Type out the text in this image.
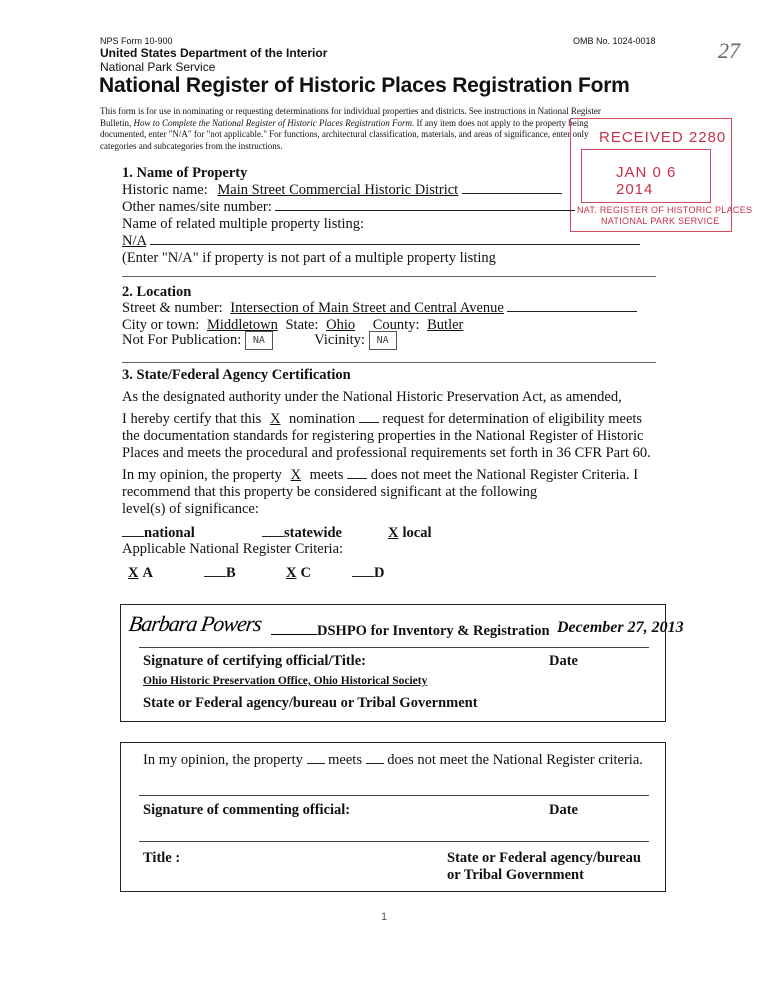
NPS Form 10-900	OMB No. 1024-0018	27
United States Department of the Interior
National Park Service
National Register of Historic Places Registration Form
This form is for use in nominating or requesting determinations for individual properties and districts. See instructions in National Register
Bulletin, How to Complete the National Register of Historic Places Registration Form. If any item does not apply to the property being
documented, enter "N/A" for "not applicable." For functions, architectural classification, materials, and areas of significance, enter only
categories and subcategories from the instructions.	RECEIVED 2280
JAN 0 6 2014
NAT. REGISTER OF HISTORIC PLACES
NATIONAL PARK SERVICE
1. Name of Property
Historic name: Main Street Commercial Historic District
Other names/site number:
Name of related multiple property listing:
N/A
(Enter "N/A" if property is not part of a multiple property listing
2. Location
Street & number: Intersection of Main Street and Central Avenue
City or town: Middletown State: Ohio County: Butler
Not For Publication: NA	Vicinity: NA
3. State/Federal Agency Certification
As the designated authority under the National Historic Preservation Act, as amended,
I hereby certify that this X nomination request for determination of eligibility meets
the documentation standards for registering properties in the National Register of Historic
Places and meets the procedural and professional requirements set forth in 36 CFR Part 60.
In my opinion, the property X meets does not meet the National Register Criteria. I
recommend that this property be considered significant at the following
level(s) of significance:
national	statewide	X local
Applicable National Register Criteria:
X A	B	X C	D
Barbara Powers	DSHPO for Inventory & Registration December 27, 2013
Signature of certifying official/Title:	Date
Ohio Historic Preservation Office, Ohio Historical Society
State or Federal agency/bureau or Tribal Government
In my opinion, the property meets does not meet the National Register criteria.
Signature of commenting official:	Date
Title :	State or Federal agency/bureau
or Tribal Government
1
